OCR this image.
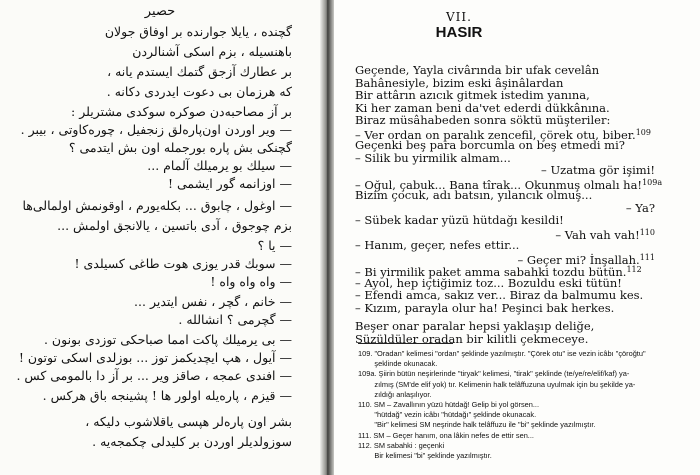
حصير
گچنده ، یایلا جوارنده بر اوفاق جولان
باهنسیله ، بزم اسکی آشنالردن
بر عطارك آزجق گتمك ایستدم یانه ،
كه هرزمان بی دعوت ایدردی دكانه .
بر آز مصاحبه‌دن صوكره سوكدی مشتریلر :
— ویر اوردن اون‌پاره‌لق زنجفیل ، چوره‌كاوتی ، بیبر .
گچنكی بش پاره بورجمله اون بش ایتدمی ؟
— سیلك بو یرمیلك آلمام ...
— اوزانمه گور ایشمی !
— اوغول ، چابوق ... بكله‌یورم ، اوقونمش اولمالی‌ها
بزم چوجوق ، آدی باتسین ، یالانجق اولمش ...
— یا ؟
— سوبك قدر یوزی هوت طاغی كسیلدی !
— واه واه واه !
— خانم ، گچر ، نفس ایتدیر ...
— گچرمی ؟ انشالله .
— بی یرمیلك پاكت امما صباحكی توزدی بونون .
— آیول ، هپ ایچدیكمز توز ... بوزلدی اسكی توتون !
— افندی عمجه ، صاقز ویر ... بر آز دا بالمومی كس .
— قیزم ، پاره‌یله اولور ها ! پشینجه باق هركس .
بشر اون پاره‌لر هپسی یاقلاشوب دلیكه ،
سوزولدیلر اوردن بر كلیدلی چكمجه‌یه .
VII.
HASIR
Geçende, Yayla civârında bir ufak cevelân
Bahânesiyle, bizim eski âşinâlardan
Bir attârın azıcık gitmek istedim yanına,
Ki her zaman beni da'vet ederdi dükkânına.
Biraz müsâhabeden sonra söktü müşteriler:
– Ver ordan on paralık zencefil, çörek otu, biber.$^{109}$
Geçenki beş para borcumla on beş etmedi mi?
– Silik bu yirmilik almam...
– Uzatma gör işimi!
– Oğul, çabuk... Bana tîrak... Okunmuş olmalı ha!$^{109a}$
Bizim çocuk, adı batsın, yılancık olmuş...
– Ya?
– Sübek kadar yüzü hütdağı kesildi!
– Vah vah vah!$^{110}$
– Hanım, geçer, nefes ettir...
– Geçer mi? İnşallah.$^{111}$
– Bi yirmilik paket amma sabahki tozdu bütün.$^{112}$
– Ayol, hep içtiğimiz toz... Bozuldu eski tütün!
– Efendi amca, sakız ver... Biraz da balmumu kes.
– Kızım, parayla olur ha! Peşinci bak herkes.
Beşer onar paralar hepsi yaklaşıp deliğe,
Süzüldüler oradan bir kilitli çekmeceye.
109. "Oradan" kelimesi "ordan" şeklinde yazılmıştır. "Çörek otu" ise vezin icâbı "çöroğtu"
şeklinde okunacak.
109a. Şiirin bütün neşirlerinde "tiryak" kelimesi, "tirak" şeklinde (te/ye/re/elif/kaf) ya-
zılmış (SM'de elif yok) tır. Kelimenin halk telâffuzuna uyulmak için bu şekilde ya-
zıldığı anlaşılıyor.
110. SM – Zavallının yüzü hütdağ! Gelip bi yol görsen...
"hütdağ" vezin icâbı "hütdağı" şeklinde okunacak.
"Bir" kelimesi SM neşrinde halk telâffuzu ile "bi" şeklinde yazılmıştır.
111. SM – Geçer hanım, ona lâkin nefes de ettir sen...
112. SM sabahki : geçenki
Bir kelimesi "bi" şeklinde yazılmıştır.
